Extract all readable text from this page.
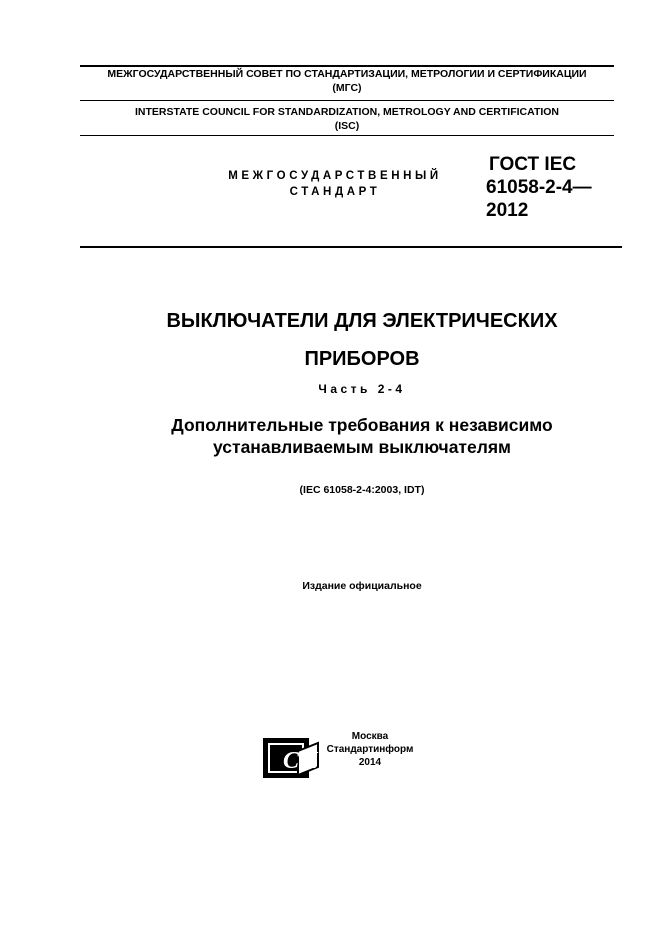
МЕЖГОСУДАРСТВЕННЫЙ СОВЕТ ПО СТАНДАРТИЗАЦИИ, МЕТРОЛОГИИ И СЕРТИФИКАЦИИ
(МГС)
INTERSTATE COUNCIL FOR STANDARDIZATION, METROLOGY AND CERTIFICATION
(ISC)
МЕЖГОСУДАРСТВЕННЫЙ
СТАНДАРТ
ГОСТ IEC
61058-2-4—
2012
ВЫКЛЮЧАТЕЛИ ДЛЯ ЭЛЕКТРИЧЕСКИХ
ПРИБОРОВ
Часть 2-4
Дополнительные требования к независимо
устанавливаемым выключателям
(IEC 61058-2-4:2003, IDT)
Издание официальное
СИ
Москва
Стандартинформ
2014
